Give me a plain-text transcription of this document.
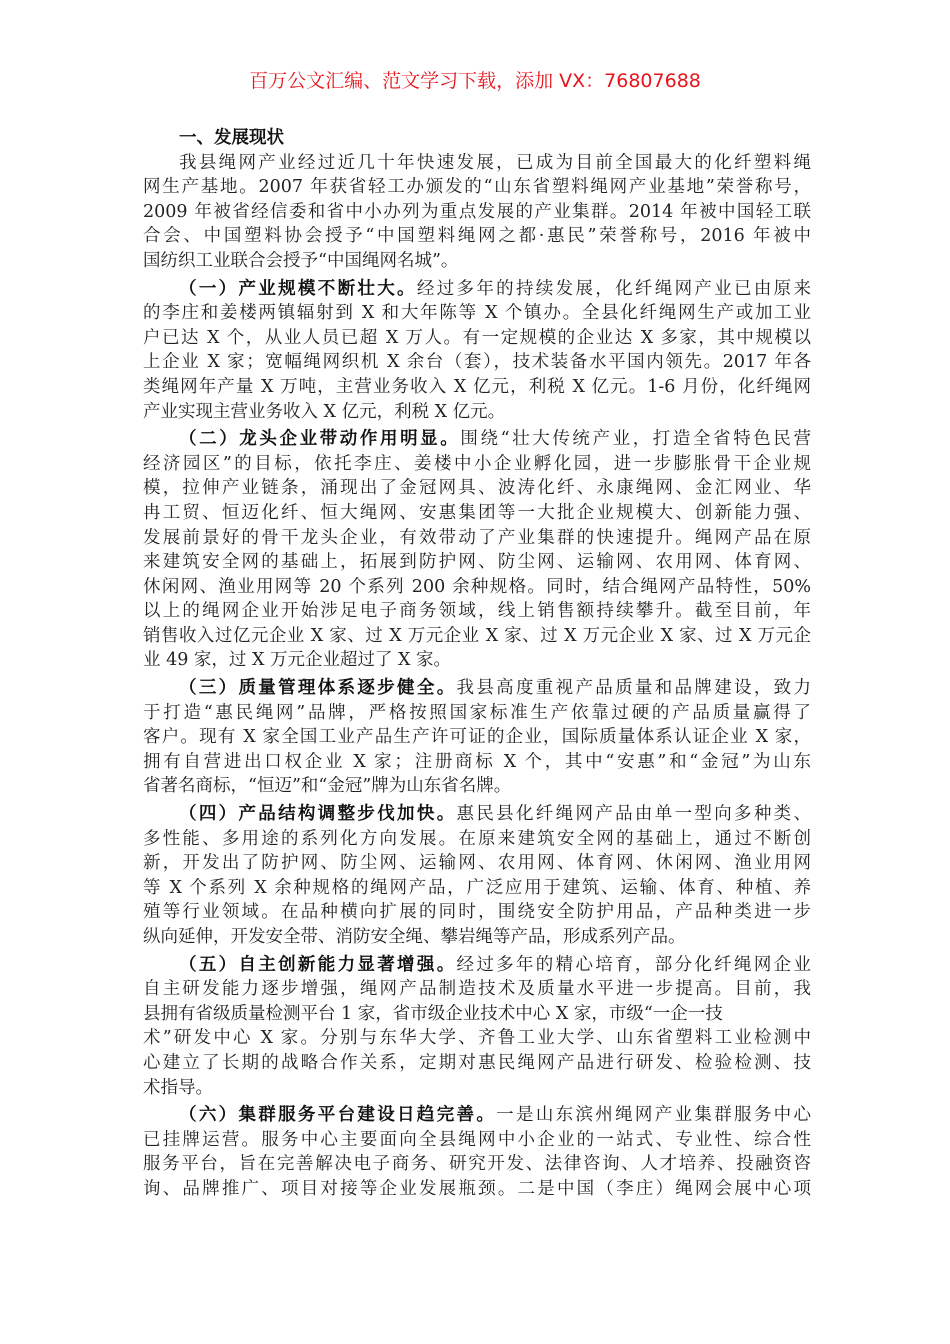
百万公文汇编、范文学习下载，添加 VX：76807688
一、发展现状
我县绳网产业经过近几十年快速发展，已成为目前全国最大的化纤塑料绳
网生产基地。2007 年获省轻工办颁发的“山东省塑料绳网产业基地”荣誉称号，
2009 年被省经信委和省中小办列为重点发展的产业集群。2014 年被中国轻工联
合会、中国塑料协会授予“中国塑料绳网之都·惠民”荣誉称号，2016 年被中
国纺织工业联合会授予“中国绳网名城”。
（一）产业规模不断壮大。经过多年的持续发展，化纤绳网产业已由原来
的李庄和姜楼两镇辐射到 X 和大年陈等 X 个镇办。全县化纤绳网生产或加工业
户已达 X 个，从业人员已超 X 万人。有一定规模的企业达 X 多家，其中规模以
上企业 X 家；宽幅绳网织机 X 余台（套），技术装备水平国内领先。2017 年各
类绳网年产量 X 万吨，主营业务收入 X 亿元，利税 X 亿元。1-6 月份，化纤绳网
产业实现主营业务收入 X 亿元，利税 X 亿元。
（二）龙头企业带动作用明显。围绕“壮大传统产业，打造全省特色民营
经济园区”的目标，依托李庄、姜楼中小企业孵化园，进一步膨胀骨干企业规
模，拉伸产业链条，涌现出了金冠网具、波涛化纤、永康绳网、金汇网业、华
冉工贸、恒迈化纤、恒大绳网、安惠集团等一大批企业规模大、创新能力强、
发展前景好的骨干龙头企业，有效带动了产业集群的快速提升。绳网产品在原
来建筑安全网的基础上，拓展到防护网、防尘网、运输网、农用网、体育网、
休闲网、渔业用网等 20 个系列 200 余种规格。同时，结合绳网产品特性，50%
以上的绳网企业开始涉足电子商务领域，线上销售额持续攀升。截至目前，年
销售收入过亿元企业 X 家、过 X 万元企业 X 家、过 X 万元企业 X 家、过 X 万元企
业 49 家，过 X 万元企业超过了 X 家。
（三）质量管理体系逐步健全。我县高度重视产品质量和品牌建设，致力
于打造“惠民绳网”品牌，严格按照国家标准生产依靠过硬的产品质量赢得了
客户。现有 X 家全国工业产品生产许可证的企业，国际质量体系认证企业 X 家，
拥有自营进出口权企业 X 家；注册商标 X 个，其中“安惠”和“金冠”为山东
省著名商标，“恒迈”和“金冠”牌为山东省名牌。
（四）产品结构调整步伐加快。惠民县化纤绳网产品由单一型向多种类、
多性能、多用途的系列化方向发展。在原来建筑安全网的基础上，通过不断创
新，开发出了防护网、防尘网、运输网、农用网、体育网、休闲网、渔业用网
等 X 个系列 X 余种规格的绳网产品，广泛应用于建筑、运输、体育、种植、养
殖等行业领域。在品种横向扩展的同时，围绕安全防护用品，产品种类进一步
纵向延伸，开发安全带、消防安全绳、攀岩绳等产品，形成系列产品。
（五）自主创新能力显著增强。经过多年的精心培育，部分化纤绳网企业
自主研发能力逐步增强，绳网产品制造技术及质量水平进一步提高。目前，我
县拥有省级质量检测平台 1 家，省市级企业技术中心 X 家，市级“一企一技
术”研发中心 X 家。分别与东华大学、齐鲁工业大学、山东省塑料工业检测中
心建立了长期的战略合作关系，定期对惠民绳网产品进行研发、检验检测、技
术指导。
（六）集群服务平台建设日趋完善。一是山东滨州绳网产业集群服务中心
已挂牌运营。服务中心主要面向全县绳网中小企业的一站式、专业性、综合性
服务平台，旨在完善解决电子商务、研究开发、法律咨询、人才培养、投融资咨
询、品牌推广、项目对接等企业发展瓶颈。二是中国（李庄）绳网会展中心项
